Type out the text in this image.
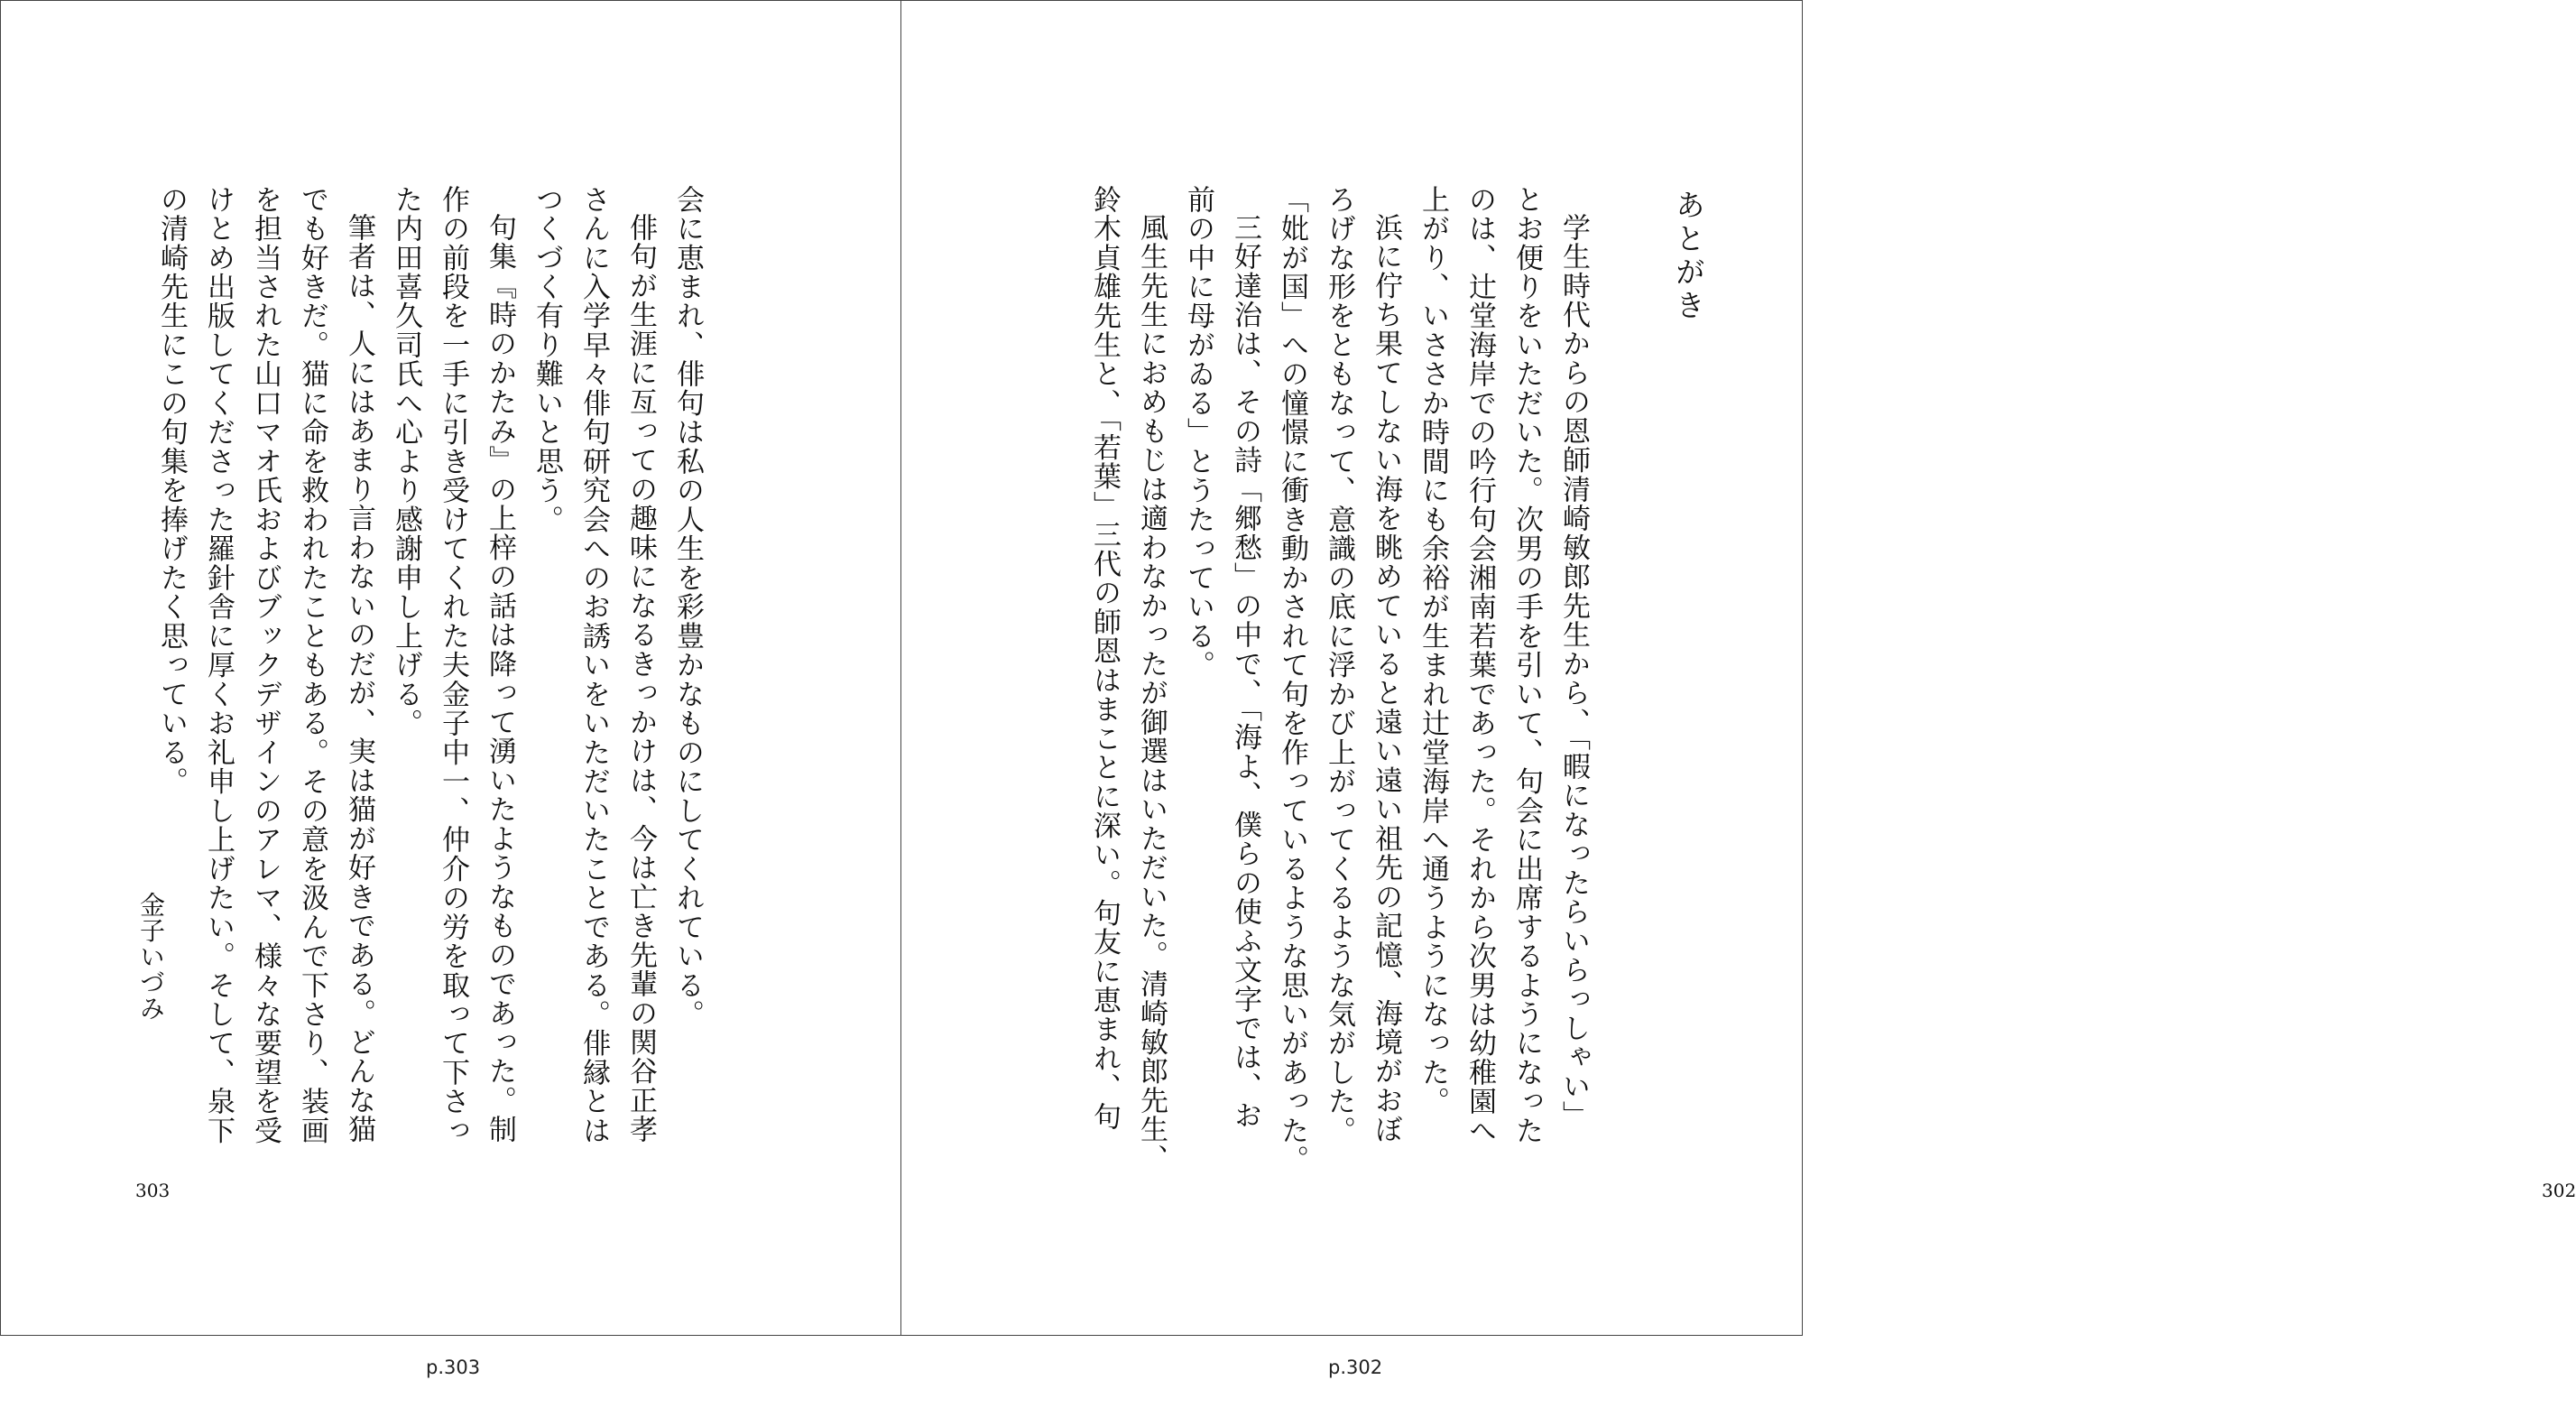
会に恵まれ、俳句は私の人生を彩豊かなものにしてくれている。

俳句が生涯に亙っての趣味になるきっかけは、今は亡き先輩の関谷正孝

さんに入学早々俳句研究会へのお誘いをいただいたことである。俳縁とは

つくづく有り難いと思う。

句集『時のかたみ』の上梓の話は降って湧いたようなものであった。制

作の前段を一手に引き受けてくれた夫金子中一、仲介の労を取って下さっ

た内田喜久司氏へ心より感謝申し上げる。

筆者は、人にはあまり言わないのだが、実は猫が好きである。どんな猫

でも好きだ。猫に命を救われたこともある。その意を汲んで下さり、装画

を担当された山口マオ氏およびブックデザインのアレマ、様々な要望を受

けとめ出版してくださった羅針舎に厚くお礼申し上げたい。そして、泉下

の清崎先生にこの句集を捧げたく思っている。

金子いづみ
303
あとがき

学生時代からの恩師清崎敏郎先生から、「暇になったらいらっしゃい」

とお便りをいただいた。次男の手を引いて、句会に出席するようになった

のは、辻堂海岸での吟行句会湘南若葉であった。それから次男は幼稚園へ

上がり、いささか時間にも余裕が生まれ辻堂海岸へ通うようになった。

浜に佇ち果てしない海を眺めていると遠い遠い祖先の記憶、海境がおぼ

ろげな形をともなって、意識の底に浮かび上がってくるような気がした。

「妣が国」への憧憬に衝き動かされて句を作っているような思いがあった。

三好達治は、その詩「郷愁」の中で、「海よ、僕らの使ふ文字では、お

前の中に母がゐる」とうたっている。

風生先生におめもじは適わなかったが御選はいただいた。清崎敏郎先生、

鈴木貞雄先生と、「若葉」三代の師恩はまことに深い。句友に恵まれ、句

302
p.303	p.302
